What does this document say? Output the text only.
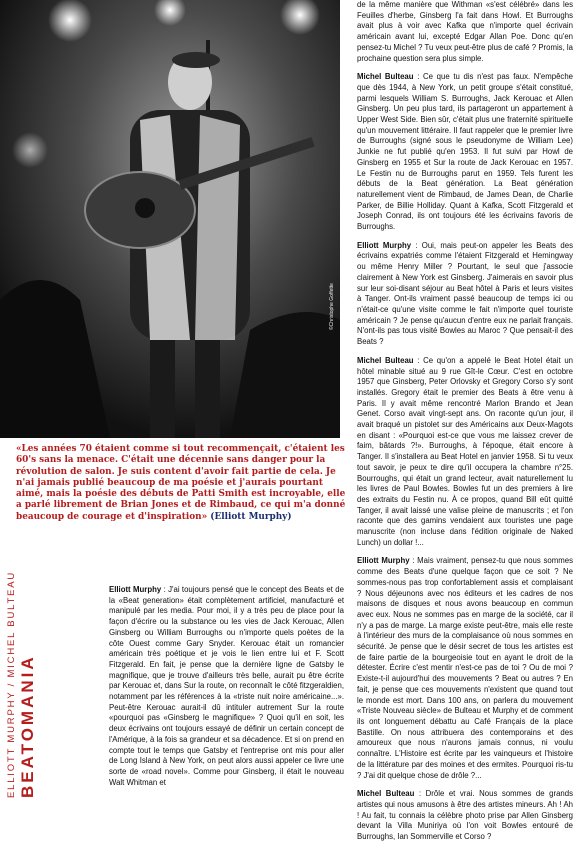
©Christophe Goffette
«Les années 70 étaient comme si tout recommençait, c'étaient les 60's sans la menace. C'était une décennie sans danger pour la révolution de salon. Je suis content d'avoir fait partie de cela. Je n'ai jamais publié beaucoup de ma poésie et j'aurais pourtant aimé, mais la poésie des débuts de Patti Smith est incroyable, elle a parlé librement de Brian Jones et de Rimbaud, ce qui m'a donné beaucoup de courage et d'inspiration» (Elliott Murphy)
ELLIOTT MURPHY / MICHEL BULTEAU BEATOMANIA

Elliott Murphy : J'ai toujours pensé que le concept des Beats et de la «Beat generation» était complètement artificiel, manufacturé et manipulé par les media. Pour moi, il y a très peu de place pour la façon d'écrire ou la substance ou les vies de Jack Kerouac, Allen Ginsberg ou William Burroughs ou n'importe quels poètes de la côte Ouest comme Gary Snyder. Kerouac était un romancier américain très poétique et je vois le lien entre lui et F. Scott Fitzgerald. En fait, je pense que la dernière ligne de Gatsby le magnifique, que je trouve d'ailleurs très belle, aurait pu être écrite par Kerouac et, dans Sur la route, on reconnaît le côté fitzgeraldien, notamment par les références à la «triste nuit noire américaine...». Peut-être Kerouac aurait-il dû intituler autrement Sur la route «pourquoi pas «Ginsberg le magnifique» ? Quoi qu'il en soit, les deux écrivains ont toujours essayé de définir un certain concept de l'Amérique, à la fois sa grandeur et sa décadence. Et si on prend en compte tout le temps que Gatsby et l'entreprise ont mis pour aller de Long Island à New York, on peut alors aussi appeler ce livre une sorte de «road novel». Comme pour Ginsberg, il était le nouveau Walt Whitman et

de la même manière que Withman «s'est célébré» dans les Feuilles d'herbe, Ginsberg l'a fait dans Howl. Et Burroughs avait plus à voir avec Kafka que n'importe quel écrivain américain avant lui, excepté Edgar Allan Poe. Donc qu'en pensez-tu Michel ? Tu veux peut-être plus de café ? Promis, la prochaine question sera plus simple.

Michel Bulteau : Ce que tu dis n'est pas faux. N'empêche que dès 1944, à New York, un petit groupe s'était constitué, parmi lesquels William S. Burroughs, Jack Kerouac et Allen Ginsberg. Un peu plus tard, ils partageront un appartement à Upper West Side. Bien sûr, c'était plus une fraternité spirituelle qu'un mouvement littéraire. Il faut rappeler que le premier livre de Burroughs (signé sous le pseudonyme de William Lee) Junkie ne fut publié qu'en 1953. Il fut suivi par Howl de Ginsberg en 1955 et Sur la route de Jack Kerouac en 1957. Le Festin nu de Burroughs parut en 1959. Tels furent les débuts de la Beat génération. La Beat génération naturellement vient de Rimbaud, de James Dean, de Charlie Parker, de Billie Holliday. Quant à Kafka, Scott Fitzgerald et Joseph Conrad, ils ont toujours été les écrivains favoris de Burroughs.

Elliott Murphy : Oui, mais peut-on appeler les Beats des écrivains expatriés comme l'étaient Fitzgerald et Hemingway ou même Henry Miller ? Pourtant, le seul que j'associe clairement à New York est Ginsberg. J'aimerais en savoir plus sur leur soi-disant séjour au Beat hôtel à Paris et leurs visites à Tanger. Ont-ils vraiment passé beaucoup de temps ici ou n'était-ce qu'une visite comme le fait n'importe quel touriste américain ? Je pense qu'aucun d'entre eux ne parlait français. N'ont-ils pas tous visité Bowles au Maroc ? Que pensait-il des Beats ?

Michel Bulteau : Ce qu'on a appelé le Beat Hotel était un hôtel minable situé au 9 rue Gît-le Cœur. C'est en octobre 1957 que Ginsberg, Peter Orlovsky et Gregory Corso s'y sont installés. Gregory était le premier des Beats à être venu à Paris. Il y avait même rencontré Marlon Brando et Jean Genet. Corso avait vingt-sept ans. On raconte qu'un jour, il avait braqué un pistolet sur des Américains aux Deux-Magots en disant : «Pourquoi est-ce que vous me laissez crever de faim, bâtards ?!». Burroughs, à l'époque, était encore à Tanger. Il s'installera au Beat Hotel en janvier 1958. Si tu veux tout savoir, je peux te dire qu'il occupera la chambre n°25. Bourroughs, qui était un grand lecteur, avait naturellement lu les livres de Paul Bowles. Bowles fut un des premiers à lire des extraits du Festin nu. À ce propos, quand Bill eût quitté Tanger, il avait laissé une valise pleine de manuscrits ; et l'on raconte que des gamins vendaient aux touristes une page manuscrite (non incluse dans l'édition originale de Naked Lunch) un dollar !...

Elliott Murphy : Mais vraiment, pensez-tu que nous sommes comme des Beats d'une quelque façon que ce soit ? Ne sommes-nous pas trop confortablement assis et complaisant ? Nous déjeunons avec nos éditeurs et les cadres de nos maisons de disques et nous avons beaucoup en commun avec eux. Nous ne sommes pas en marge de la société, car il n'y a pas de marge. La marge existe peut-être, mais elle reste à l'intérieur des murs de la complaisance où nous sommes en sécurité. Je pense que le désir secret de tous les artistes est de faire partie de la bourgeoisie tout en ayant le droit de la détester. Écrire c'est mentir n'est-ce pas de toi ? Ou de moi ? Existe-t-il aujourd'hui des mouvements ? Beat ou autres ? En fait, je pense que ces mouvements n'existent que quand tout le monde est mort. Dans 100 ans, on parlera du mouvement «Triste Nouveau siècle» de Bulteau et Murphy et de comment ils ont longuement débattu au Café Français de la place Bastille. On nous attribuera des contemporains et des amoureux que nous n'aurons jamais connus, ni voulu connaître. L'Histoire est écrite par les vainqueurs et l'histoire de la littérature par des moines et des ermites. Pourquoi ris-tu ? J'ai dit quelque chose de drôle ?...

Michel Bulteau : Drôle et vrai. Nous sommes de grands artistes qui nous amusons à être des artistes mineurs. Ah ! Ah ! Au fait, tu connais la célèbre photo prise par Allen Ginsberg devant la Villa Muniriya où l'on voit Bowles entouré de Burroughs, Ian Sommerville et Corso ?
